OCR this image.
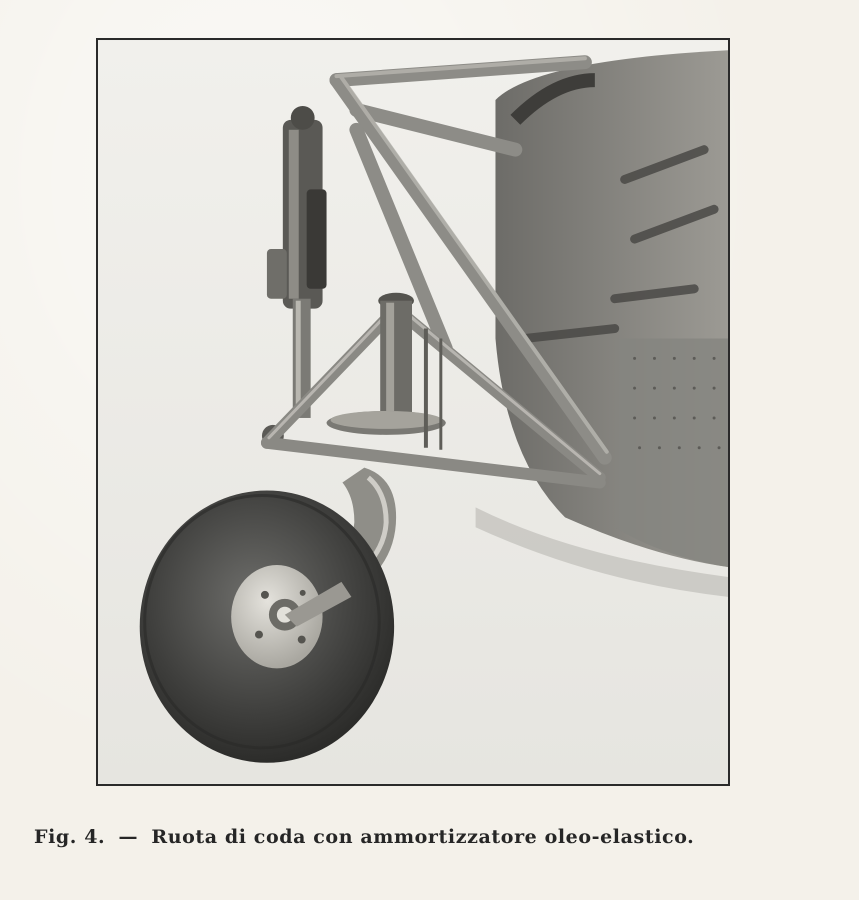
Fig. 4. — Ruota di coda con ammortizzatore oleo-elastico.
